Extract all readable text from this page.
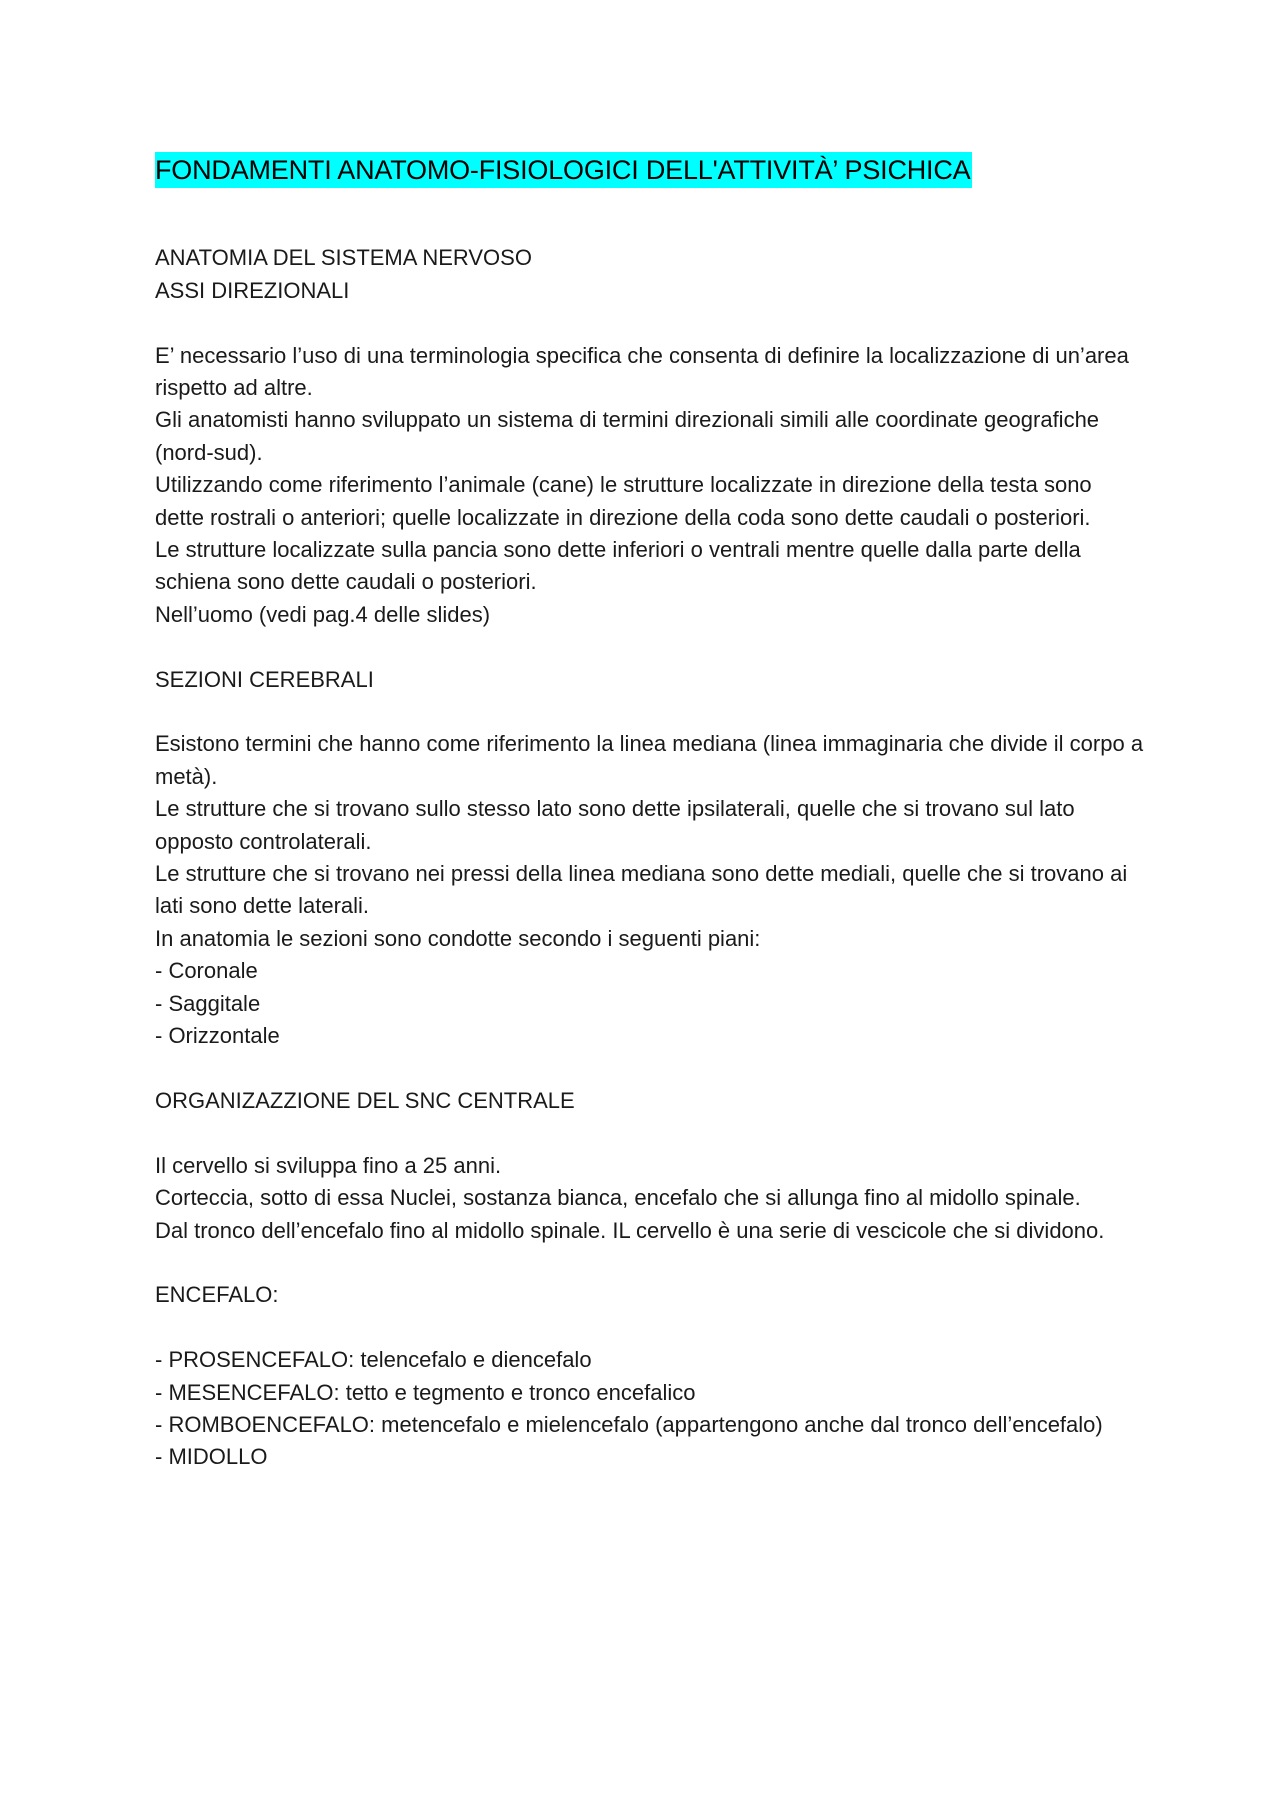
FONDAMENTI ANATOMO-FISIOLOGICI DELL'ATTIVITÀ’ PSICHICA

ANATOMIA DEL SISTEMA NERVOSO

ASSI DIREZIONALI

E’ necessario l’uso di una terminologia specifica che consenta di definire la localizzazione di un’area rispetto ad altre.

Gli anatomisti hanno sviluppato un sistema di termini direzionali simili alle coordinate geografiche (nord-sud).

Utilizzando come riferimento l’animale (cane) le strutture localizzate in direzione della testa sono dette rostrali o anteriori; quelle localizzate in direzione della coda sono dette caudali o posteriori.

Le strutture localizzate sulla pancia sono dette inferiori o ventrali mentre quelle dalla parte della schiena sono dette caudali o posteriori.

Nell’uomo (vedi pag.4 delle slides)

SEZIONI CEREBRALI

Esistono termini che hanno come riferimento la linea mediana (linea immaginaria che divide il corpo a metà).

Le strutture che si trovano sullo stesso lato sono dette ipsilaterali, quelle che si trovano sul lato opposto controlaterali.

Le strutture che si trovano nei pressi della linea mediana sono dette mediali, quelle che si trovano ai lati sono dette laterali.

In anatomia le sezioni sono condotte secondo i seguenti piani:

- Coronale

- Saggitale

- Orizzontale

ORGANIZAZZIONE DEL SNC CENTRALE

Il cervello si sviluppa fino a 25 anni.

Corteccia, sotto di essa Nuclei, sostanza bianca, encefalo che si allunga fino al midollo spinale.

Dal tronco dell’encefalo fino al midollo spinale. IL cervello è una serie di vescicole che si dividono.

ENCEFALO:

- PROSENCEFALO: telencefalo e diencefalo

- MESENCEFALO: tetto e tegmento e tronco encefalico

- ROMBOENCEFALO: metencefalo e mielencefalo (appartengono anche dal tronco dell’encefalo)

- MIDOLLO
